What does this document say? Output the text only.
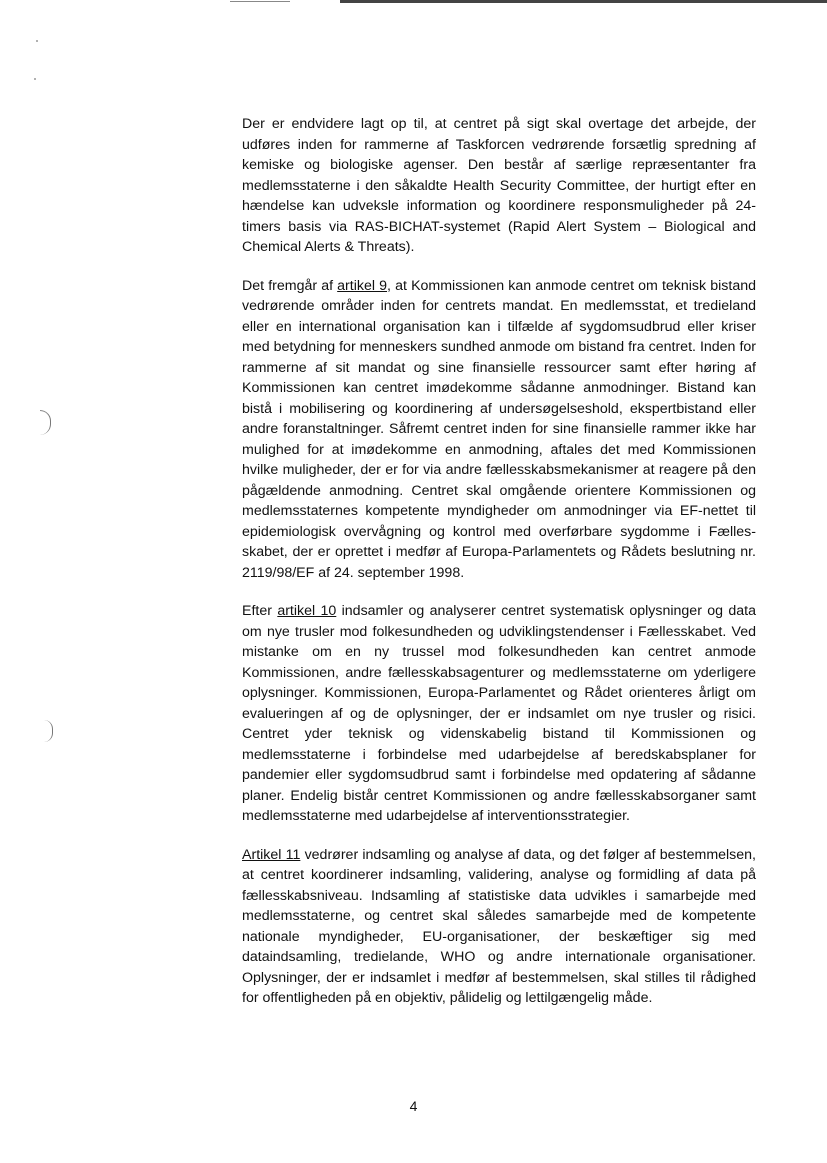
Der er endvidere lagt op til, at centret på sigt skal overtage det arbejde, der udføres inden for rammerne af Taskforcen vedrørende forsætlig spredning af kemiske og biologiske agenser. Den består af særlige repræsentanter fra medlemsstaterne i den såkaldte Health Security Committee, der hurtigt efter en hændelse kan udveksle information og koordinere responsmuligheder på 24-timers basis via RAS-BICHAT-systemet (Rapid Alert System – Biological and Chemical Alerts & Threats).

Det fremgår af artikel 9, at Kommissionen kan anmode centret om teknisk bistand vedrørende områder inden for centrets mandat. En medlemsstat, et tredieland eller en international organisation kan i tilfælde af sygdomsudbrud eller kriser med betydning for menneskers sundhed anmode om bistand fra centret. Inden for rammerne af sit mandat og sine finansielle ressourcer samt efter høring af Kommissionen kan centret imødekomme sådanne anmodninger. Bistand kan bistå i mobilisering og koordinering af undersøgelseshold, ekspertbistand eller andre foranstaltninger. Såfremt centret inden for sine finansielle rammer ikke har mulighed for at imødekomme en anmodning, aftales det med Kommissionen hvilke muligheder, der er for via andre fællesskabsmekanismer at reagere på den pågældende anmodning. Centret skal omgående orientere Kommissionen og medlemsstaternes kompetente myndigheder om anmodninger via EF-nettet til epidemiologisk overvågning og kontrol med overførbare sygdomme i Fællesskabet, der er oprettet i medfør af Europa-Parlamentets og Rådets beslutning nr. 2119/98/EF af 24. september 1998.

Efter artikel 10 indsamler og analyserer centret systematisk oplysninger og data om nye trusler mod folkesundheden og udviklingstendenser i Fællesskabet. Ved mistanke om en ny trussel mod folkesundheden kan centret anmode Kommissionen, andre fællesskabsagenturer og medlemsstaterne om yderligere oplysninger. Kommissionen, Europa-Parlamentet og Rådet orienteres årligt om evalueringen af og de oplysninger, der er indsamlet om nye trusler og risici. Centret yder teknisk og videnskabelig bistand til Kommissionen og medlemsstaterne i forbindelse med udarbejdelse af beredskabsplaner for pandemier eller sygdomsudbrud samt i forbindelse med opdatering af sådanne planer. Endelig bistår centret Kommissionen og andre fællesskabsorganer samt medlemsstaterne med udarbejdelse af interventionsstrategier.

Artikel 11 vedrører indsamling og analyse af data, og det følger af bestemmelsen, at centret koordinerer indsamling, validering, analyse og formidling af data på fællesskabsniveau. Indsamling af statistiske data udvikles i samarbejde med medlemsstaterne, og centret skal således samarbejde med de kompetente nationale myndigheder, EU-organisationer, der beskæftiger sig med dataindsamling, tredielande, WHO og andre internationale organisationer. Oplysninger, der er indsamlet i medfør af bestemmelsen, skal stilles til rådighed for offentligheden på en objektiv, pålidelig og lettilgængelig måde.

4
